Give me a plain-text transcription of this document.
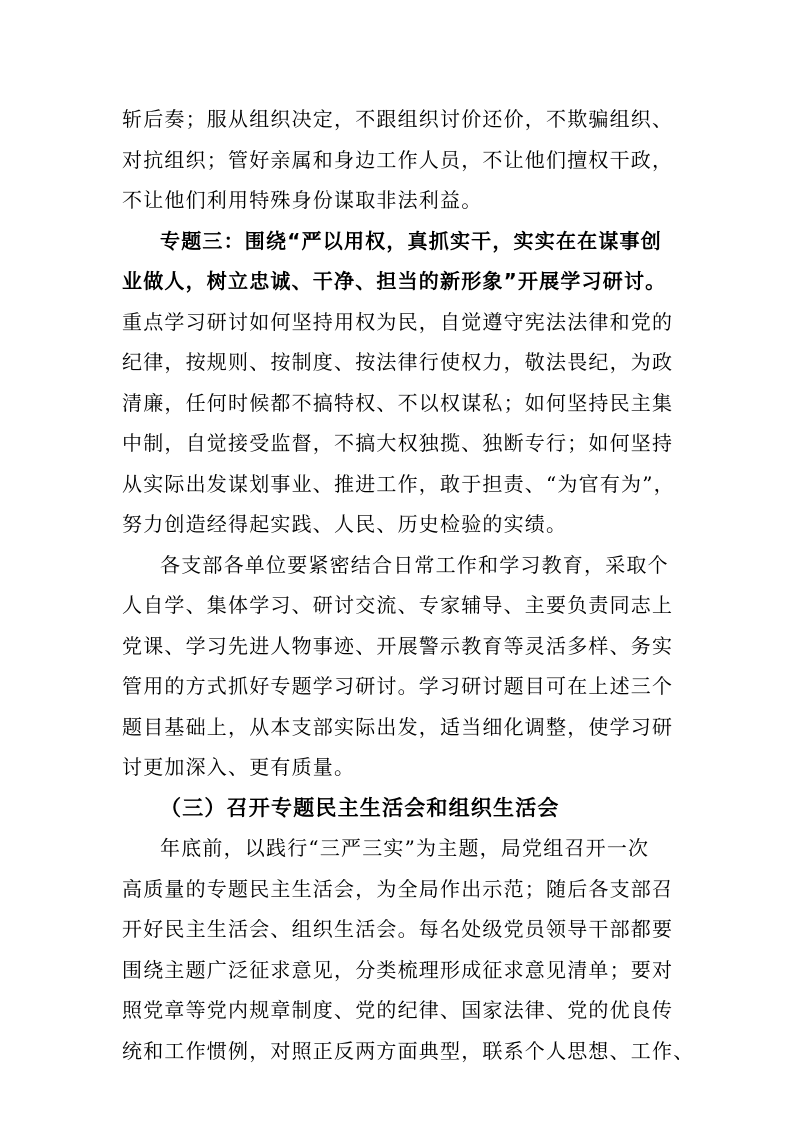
斩后奏；服从组织决定，不跟组织讨价还价，不欺骗组织、
对抗组织；管好亲属和身边工作人员，不让他们擅权干政，
不让他们利用特殊身份谋取非法利益。
专题三：围绕“严以用权，真抓实干，实实在在谋事创
业做人，树立忠诚、干净、担当的新形象”开展学习研讨。
重点学习研讨如何坚持用权为民，自觉遵守宪法法律和党的
纪律，按规则、按制度、按法律行使权力，敬法畏纪，为政
清廉，任何时候都不搞特权、不以权谋私；如何坚持民主集
中制，自觉接受监督，不搞大权独揽、独断专行；如何坚持
从实际出发谋划事业、推进工作，敢于担责、“为官有为”，
努力创造经得起实践、人民、历史检验的实绩。
各支部各单位要紧密结合日常工作和学习教育，采取个
人自学、集体学习、研讨交流、专家辅导、主要负责同志上
党课、学习先进人物事迹、开展警示教育等灵活多样、务实
管用的方式抓好专题学习研讨。学习研讨题目可在上述三个
题目基础上，从本支部实际出发，适当细化调整，使学习研
讨更加深入、更有质量。
（三）召开专题民主生活会和组织生活会
年底前，以践行“三严三实”为主题，局党组召开一次
高质量的专题民主生活会，为全局作出示范；随后各支部召
开好民主生活会、组织生活会。每名处级党员领导干部都要
围绕主题广泛征求意见，分类梳理形成征求意见清单；要对
照党章等党内规章制度、党的纪律、国家法律、党的优良传
统和工作惯例，对照正反两方面典型，联系个人思想、工作、
